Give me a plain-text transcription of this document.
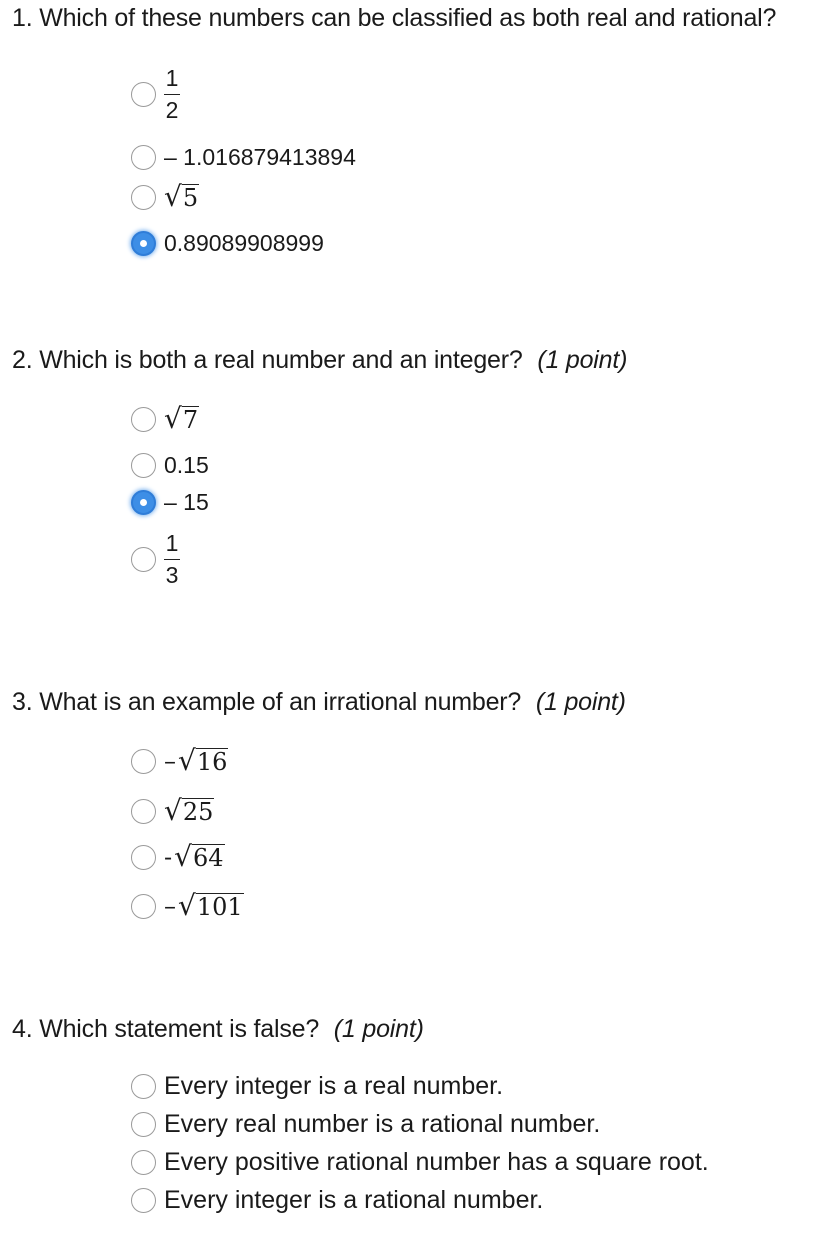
1. Which of these numbers can be classified as both real and rational?
$\frac{1}{2}$
– 1.016879413894
√ 5
0.89089908999
2. Which is both a real number and an integer? (1 point)
√ 7
0.15
– 15
$\frac{1}{3}$
3. What is an example of an irrational number? (1 point)
– √ 16
√ 25
- √ 64
– √ 101
4. Which statement is false? (1 point)
Every integer is a real number.
Every real number is a rational number.
Every positive rational number has a square root.
Every integer is a rational number.
